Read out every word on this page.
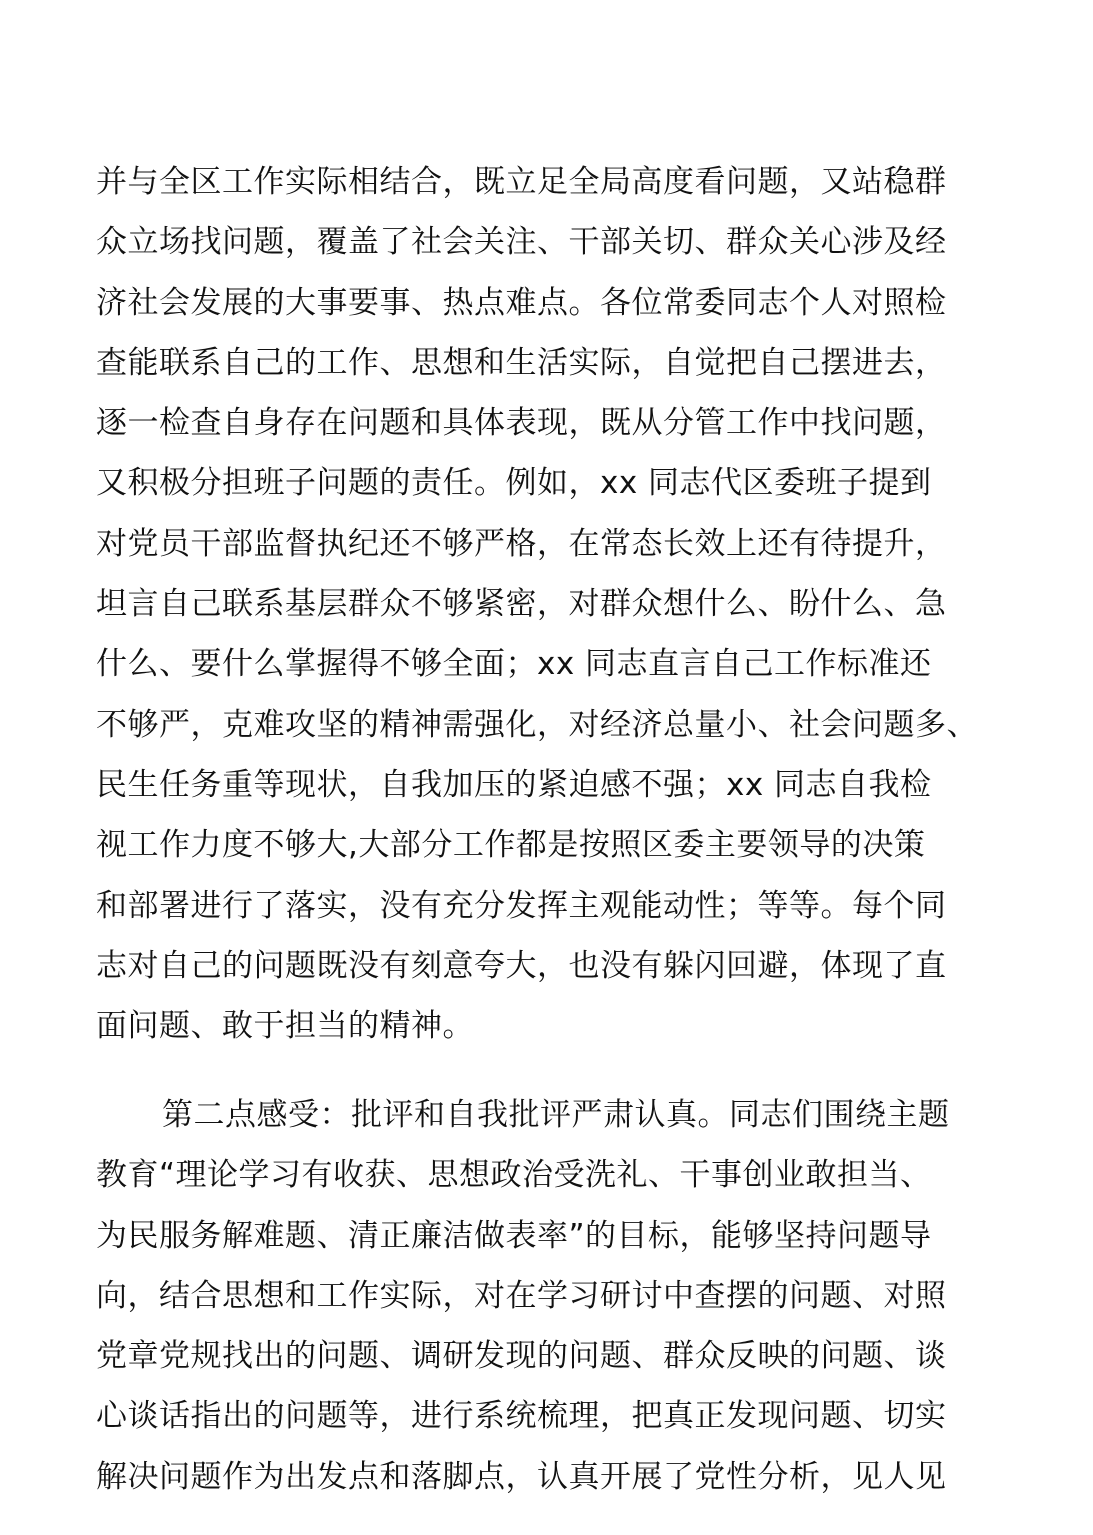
并与全区工作实际相结合，既立足全局高度看问题，又站稳群
众立场找问题，覆盖了社会关注、干部关切、群众关心涉及经
济社会发展的大事要事、热点难点。各位常委同志个人对照检
查能联系自己的工作、思想和生活实际，自觉把自己摆进去，
逐一检查自身存在问题和具体表现，既从分管工作中找问题，
又积极分担班子问题的责任。例如，xx 同志代区委班子提到
对党员干部监督执纪还不够严格，在常态长效上还有待提升，
坦言自己联系基层群众不够紧密，对群众想什么、盼什么、急
什么、要什么掌握得不够全面；xx 同志直言自己工作标准还
不够严，克难攻坚的精神需强化，对经济总量小、社会问题多、
民生任务重等现状，自我加压的紧迫感不强；xx 同志自我检
视工作力度不够大,大部分工作都是按照区委主要领导的决策
和部署进行了落实，没有充分发挥主观能动性；等等。每个同
志对自己的问题既没有刻意夸大，也没有躲闪回避，体现了直
面问题、敢于担当的精神。
第二点感受：批评和自我批评严肃认真。同志们围绕主题
教育“理论学习有收获、思想政治受洗礼、干事创业敢担当、
为民服务解难题、清正廉洁做表率”的目标，能够坚持问题导
向，结合思想和工作实际，对在学习研讨中查摆的问题、对照
党章党规找出的问题、调研发现的问题、群众反映的问题、谈
心谈话指出的问题等，进行系统梳理，把真正发现问题、切实
解决问题作为出发点和落脚点，认真开展了党性分析，见人见
